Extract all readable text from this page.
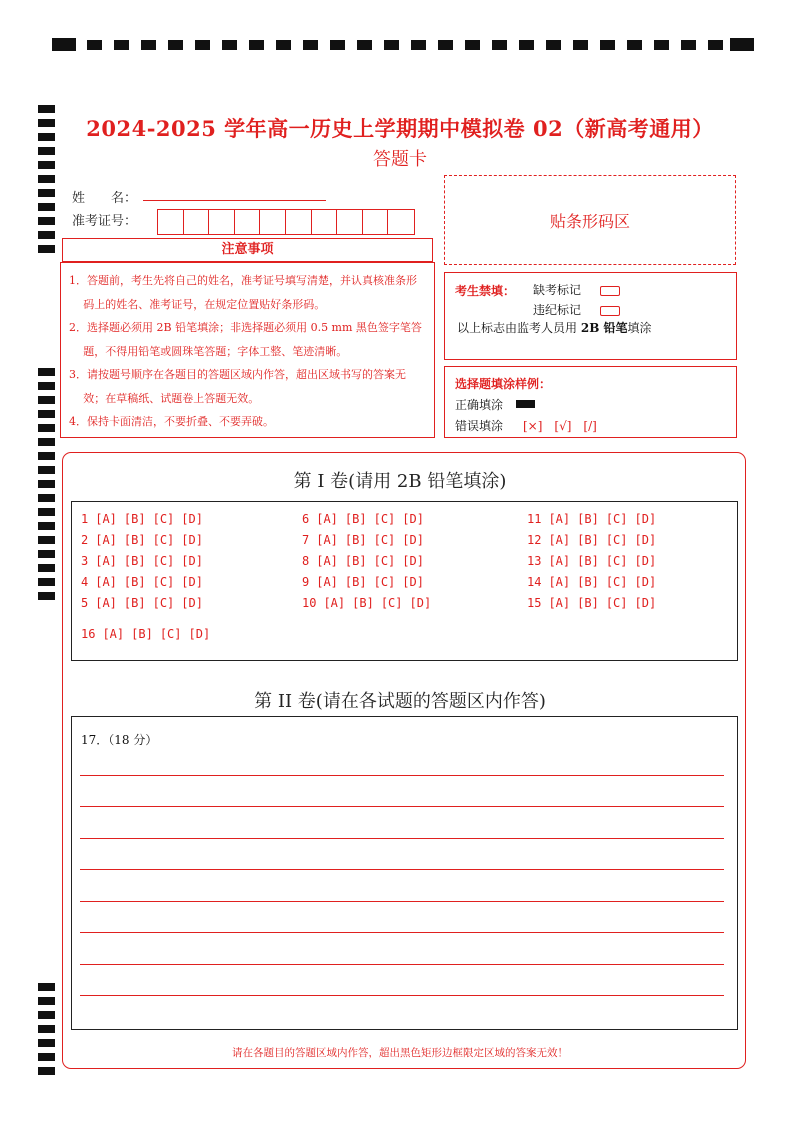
2024-2025 学年高一历史上学期期中模拟卷 02（新高考通用）
答题卡
姓　　名：
准考证号：	贴条形码区
注意事项
1．答题前，考生先将自己的姓名，准考证号填写清楚，并认真核准条形码上的姓名、准考证号，在规定位置贴好条形码。
2．选择题必须用 2B 铅笔填涂；非选择题必须用 0.5 mm 黑色签字笔答题，不得用铅笔或圆珠笔答题；字体工整、笔迹清晰。
3．请按题号顺序在各题目的答题区域内作答，超出区域书写的答案无效；在草稿纸、试题卷上答题无效。
4．保持卡面清洁，不要折叠、不要弄破。
考生禁填： 缺考标记
违纪标记
以上标志由监考人员用 2B 铅笔填涂
选择题填涂样例：
正确填涂
错误填涂 [×]　[√]　[/]
第 I 卷(请用 2B 铅笔填涂)
1 [A] [B] [C] [D]
2 [A] [B] [C] [D]
3 [A] [B] [C] [D]
4 [A] [B] [C] [D]
5 [A] [B] [C] [D]
6 [A] [B] [C] [D]
7 [A] [B] [C] [D]
8 [A] [B] [C] [D]
9 [A] [B] [C] [D]
10 [A] [B] [C] [D]
11 [A] [B] [C] [D]
12 [A] [B] [C] [D]
13 [A] [B] [C] [D]
14 [A] [B] [C] [D]
15 [A] [B] [C] [D]
16 [A] [B] [C] [D]
第 II 卷(请在各试题的答题区内作答)
17．（18 分）
请在各题目的答题区域内作答，超出黑色矩形边框限定区域的答案无效！
